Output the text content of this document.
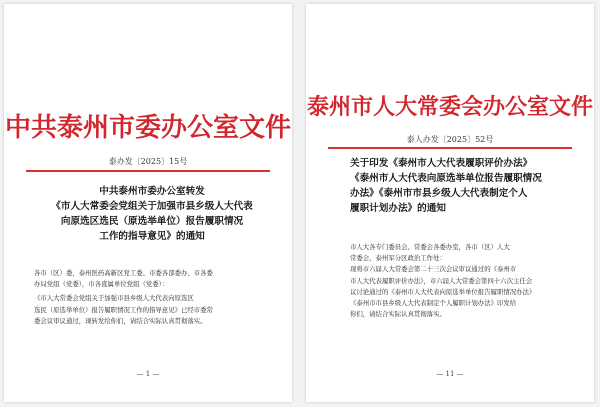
中共泰州市委办公室文件
泰办发〔2025〕15号
中共泰州市委办公室转发
《市人大常委会党组关于加强市县乡级人大代表
向原选区选民（原选举单位）报告履职情况
工作的指导意见》的通知
各市（区）委，泰州医药高新区党工委、市委各部委办、市各委
办局党组（党委），市各直属单位党组（党委）：
《市人大常委会党组关于加强市县乡级人大代表向原选区
选民（原选举单位）报告履职情况工作的指导意见》已经市委常
委会议审议通过，现转发给你们，请结合实际认真贯彻落实。
— 1 —
泰州市人大常委会办公室文件
泰人办发〔2025〕52号
关于印发《泰州市人大代表履职评价办法》
《泰州市人大代表向原选举单位报告履职情况
办法》《泰州市市县乡级人大代表制定个人
履职计划办法》的通知
市人大各专门委员会、常委会各委办室，各市（区）人大
常委会，泰州军分区政治工作处：
现将市六届人大常委会第二十三次会议审议通过的《泰州市
市人大代表履职评价办法》，市六届人大常委会第四十六次主任会
议讨论通过的《泰州市人大代表向原选举单位报告履职情况办法》
《泰州市市县乡级人大代表制定个人履职计划办法》印发给
你们，请结合实际认真贯彻落实。
— 11 —
